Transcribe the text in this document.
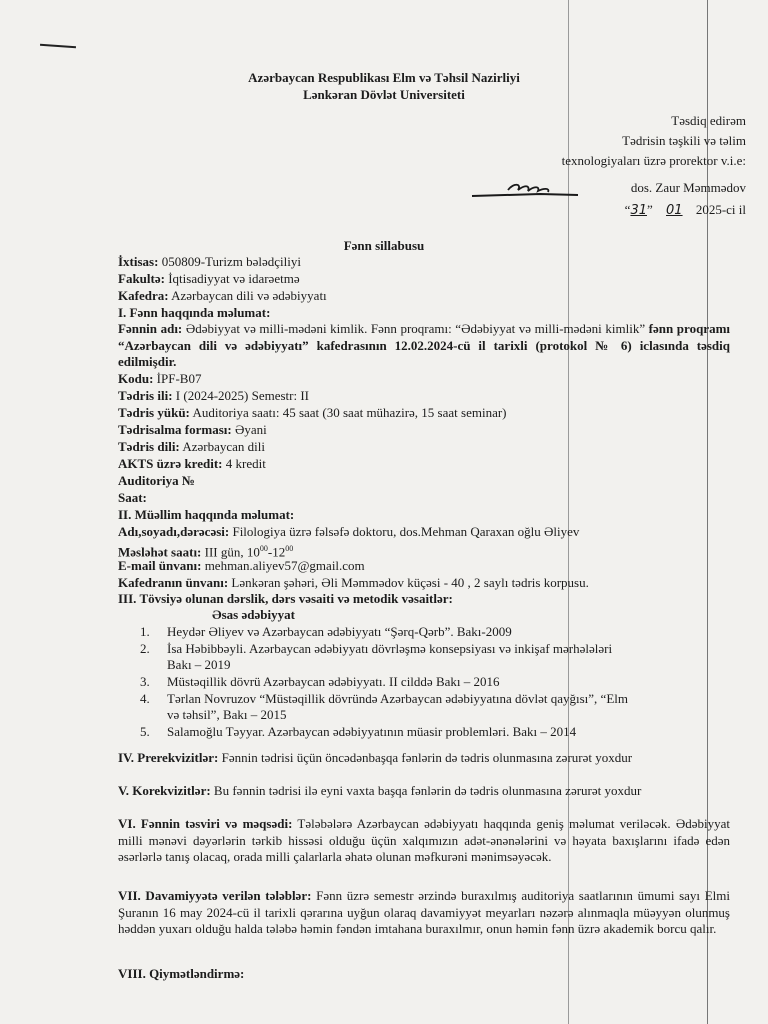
Azərbaycan Respublikası Elm və Təhsil Nazirliyi
Lənkəran Dövlət Universiteti
Təsdiq edirəm
Tədrisin təşkili və təlim
texnologiyaları üzrə prorektor v.i.e:
dos. Zaur Məmmədov
“31” 01 2025-ci il
Fənn sillabusu
İxtisas: 050809-Turizm bələdçiliyi
Fakultə: İqtisadiyyat və idarəetmə
Kafedra: Azərbaycan dili və ədəbiyyatı
I. Fənn haqqında məlumat:
Fənnin adı: Ədəbiyyat və milli-mədəni kimlik. Fənn proqramı: “Ədəbiyyat və milli-mədəni kimlik” fənn proqramı “Azərbaycan dili və ədəbiyyatı” kafedrasının 12.02.2024-cü il tarixli (protokol № 6) iclasında təsdiq edilmişdir.
Kodu: İPF-B07
Tədris ili: I (2024-2025) Semestr: II
Tədris yükü: Auditoriya saatı: 45 saat (30 saat mühazirə, 15 saat seminar)
Tədrisalma forması: Əyani
Tədris dili: Azərbaycan dili
AKTS üzrə kredit: 4 kredit
Auditoriya №
Saat:
II. Müəllim haqqında məlumat:
Adı,soyadı,dərəcəsi: Filologiya üzrə fəlsəfə doktoru, dos.Mehman Qaraxan oğlu Əliyev
Məsləhət saatı: III gün, $10^{00}-12^{00}$
E-mail ünvanı: mehman.aliyev57@gmail.com
Kafedranın ünvanı: Lənkəran şəhəri, Əli Məmmədov küçəsi - 40 , 2 saylı tədris korpusu.
III. Tövsiyə olunan dərslik, dərs vəsaiti və metodik vəsaitlər:
Əsas ədəbiyyat
1. Heydər Əliyev və Azərbaycan ədəbiyyatı “Şərq-Qərb”. Bakı-2009
2. İsa Həbibbəyli. Azərbaycan ədəbiyyatı dövrləşmə konsepsiyası və inkişaf mərhələləri
Bakı – 2019
3. Müstəqillik dövrü Azərbaycan ədəbiyyatı. II cilddə Bakı – 2016
4. Tərlan Novruzov “Müstəqillik dövründə Azərbaycan ədəbiyyatına dövlət qayğısı”, “Elm
və təhsil”, Bakı – 2015
5. Salamoğlu Təyyar. Azərbaycan ədəbiyyatının müasir problemləri. Bakı – 2014
IV. Prerekvizitlər: Fənnin tədrisi üçün öncədənbaşqa fənlərin də tədris olunmasına zərurət yoxdur
V. Korekvizitlər: Bu fənnin tədrisi ilə eyni vaxta başqa fənlərin də tədris olunmasına zərurət yoxdur
VI. Fənnin təsviri və məqsədi: Tələbələrə Azərbaycan ədəbiyyatı haqqında geniş məlumat veriləcək. Ədəbiyyat milli mənəvi dəyərlərin tərkib hissəsi olduğu üçün xalqımızın adət-ənənələrini və həyata baxışlarını ifadə edən əsərlərlə tanış olacaq, orada milli çalarlarla əhatə olunan məfkurəni mənimsəyəcək.
VII. Davamiyyətə verilən tələblər: Fənn üzrə semestr ərzində buraxılmış auditoriya saatlarının ümumi sayı Elmi Şuranın 16 may 2024-cü il tarixli qərarına uyğun olaraq davamiyyət meyarları nəzərə alınmaqla müəyyən olunmuş həddən yuxarı olduğu halda tələbə həmin fəndən imtahana buraxılmır, onun həmin fənn üzrə akademik borcu qalır.
VIII. Qiymətləndirmə:
